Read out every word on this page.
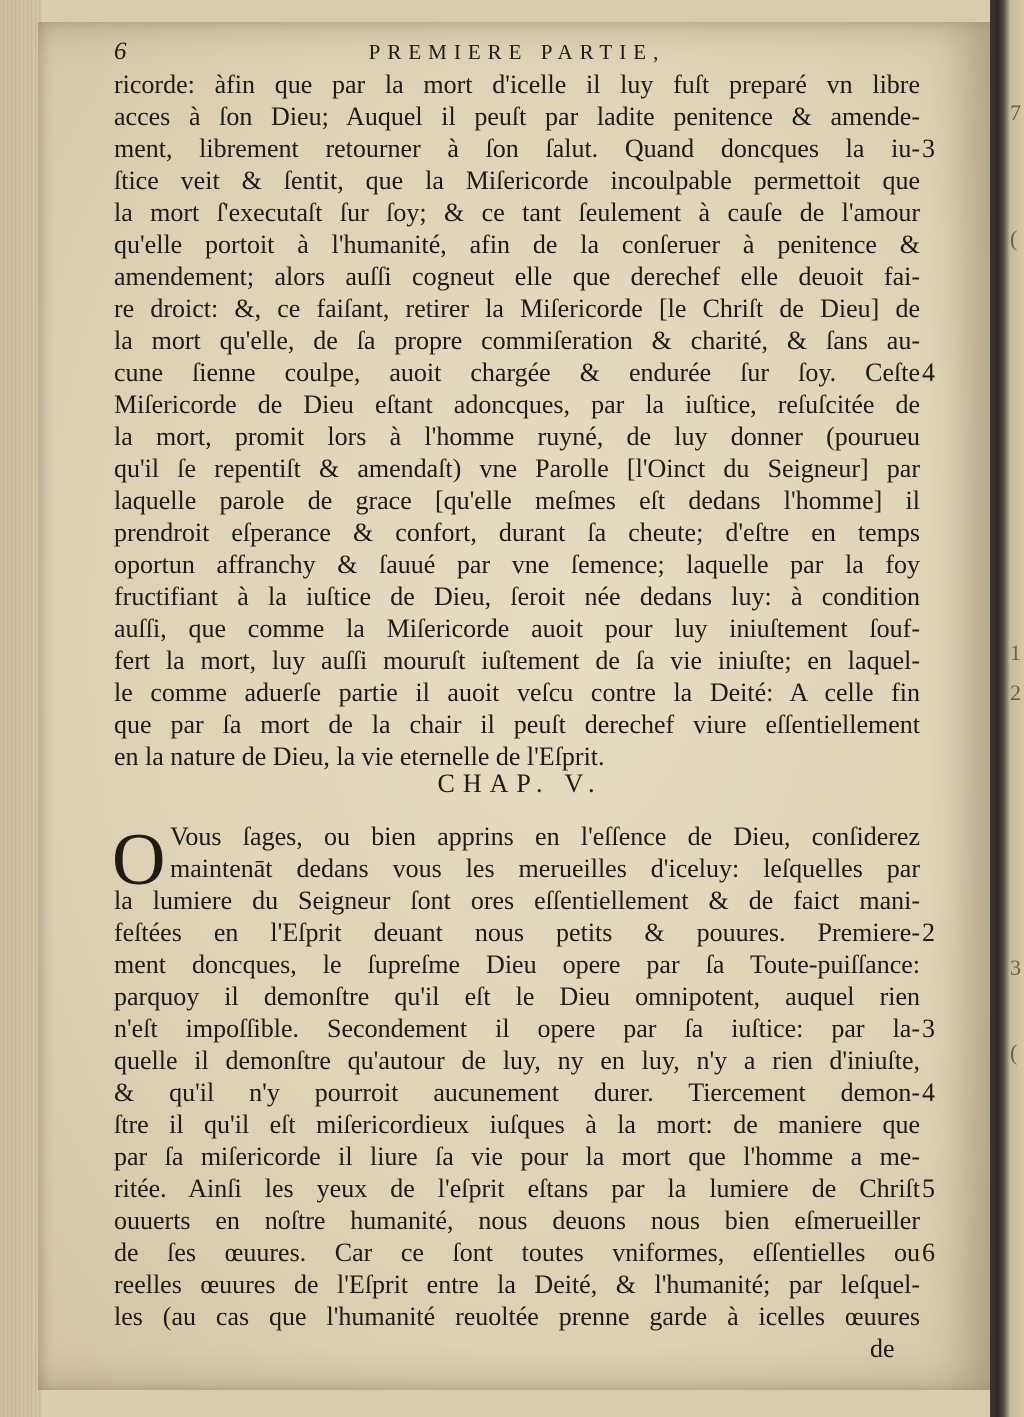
7
(
1
2
3
(
6	PREMIERE PARTIE,
ricorde: àfin que par la mort d'icelle il luy fuſt preparé vn libre
acces à ſon Dieu; Auquel il peuſt par ladite penitence & amende-
ment, librement retourner à ſon ſalut. Quand doncques la iu-
ſtice veit & ſentit, que la Miſericorde incoulpable permettoit que
la mort ſ'executaſt ſur ſoy; & ce tant ſeulement à cauſe de l'amour
qu'elle portoit à l'humanité, afin de la conſeruer à penitence &
amendement; alors auſſi cogneut elle que derechef elle deuoit fai-
re droict: &, ce faiſant, retirer la Miſericorde [le Chriſt de Dieu] de
la mort qu'elle, de ſa propre commiſeration & charité, & ſans au-
cune ſienne coulpe, auoit chargée & endurée ſur ſoy. Ceſte
Miſericorde de Dieu eſtant adoncques, par la iuſtice, reſuſcitée de
la mort, promit lors à l'homme ruyné, de luy donner (pourueu
qu'il ſe repentiſt & amendaſt) vne Parolle [l'Oinct du Seigneur] par
laquelle parole de grace [qu'elle meſmes eſt dedans l'homme] il
prendroit eſperance & confort, durant ſa cheute; d'eſtre en temps
oportun affranchy & ſauué par vne ſemence; laquelle par la foy
fructifiant à la iuſtice de Dieu, ſeroit née dedans luy: à condition
auſſi, que comme la Miſericorde auoit pour luy iniuſtement ſouf-
fert la mort, luy auſſi mouruſt iuſtement de ſa vie iniuſte; en laquel-
le comme aduerſe partie il auoit veſcu contre la Deité: A celle fin
que par ſa mort de la chair il peuſt derechef viure eſſentiellement
en la nature de Dieu, la vie eternelle de l'Eſprit.
3
4
CHAP. V.
O Vous ſages, ou bien apprins en l'eſſence de Dieu, conſiderez
maintenāt dedans vous les merueilles d'iceluy: leſquelles par
la lumiere du Seigneur ſont ores eſſentiellement & de faict mani-
feſtées en l'Eſprit deuant nous petits & pouures. Premiere-
ment doncques, le ſupreſme Dieu opere par ſa Toute-puiſſance:
parquoy il demonſtre qu'il eſt le Dieu omnipotent, auquel rien
n'eſt impoſſible. Secondement il opere par ſa iuſtice: par la-
quelle il demonſtre qu'autour de luy, ny en luy, n'y a rien d'iniuſte,
& qu'il n'y pourroit aucunement durer. Tiercement demon-
ſtre il qu'il eſt miſericordieux iuſques à la mort: de maniere que
par ſa miſericorde il liure ſa vie pour la mort que l'homme a me-
ritée. Ainſi les yeux de l'eſprit eſtans par la lumiere de Chriſt
ouuerts en noſtre humanité, nous deuons nous bien eſmerueiller
de ſes œuures. Car ce ſont toutes vniformes, eſſentielles ou
reelles œuures de l'Eſprit entre la Deité, & l'humanité; par leſquel-
les (au cas que l'humanité reuoltée prenne garde à icelles œuures
2
3
4
5
6
de
